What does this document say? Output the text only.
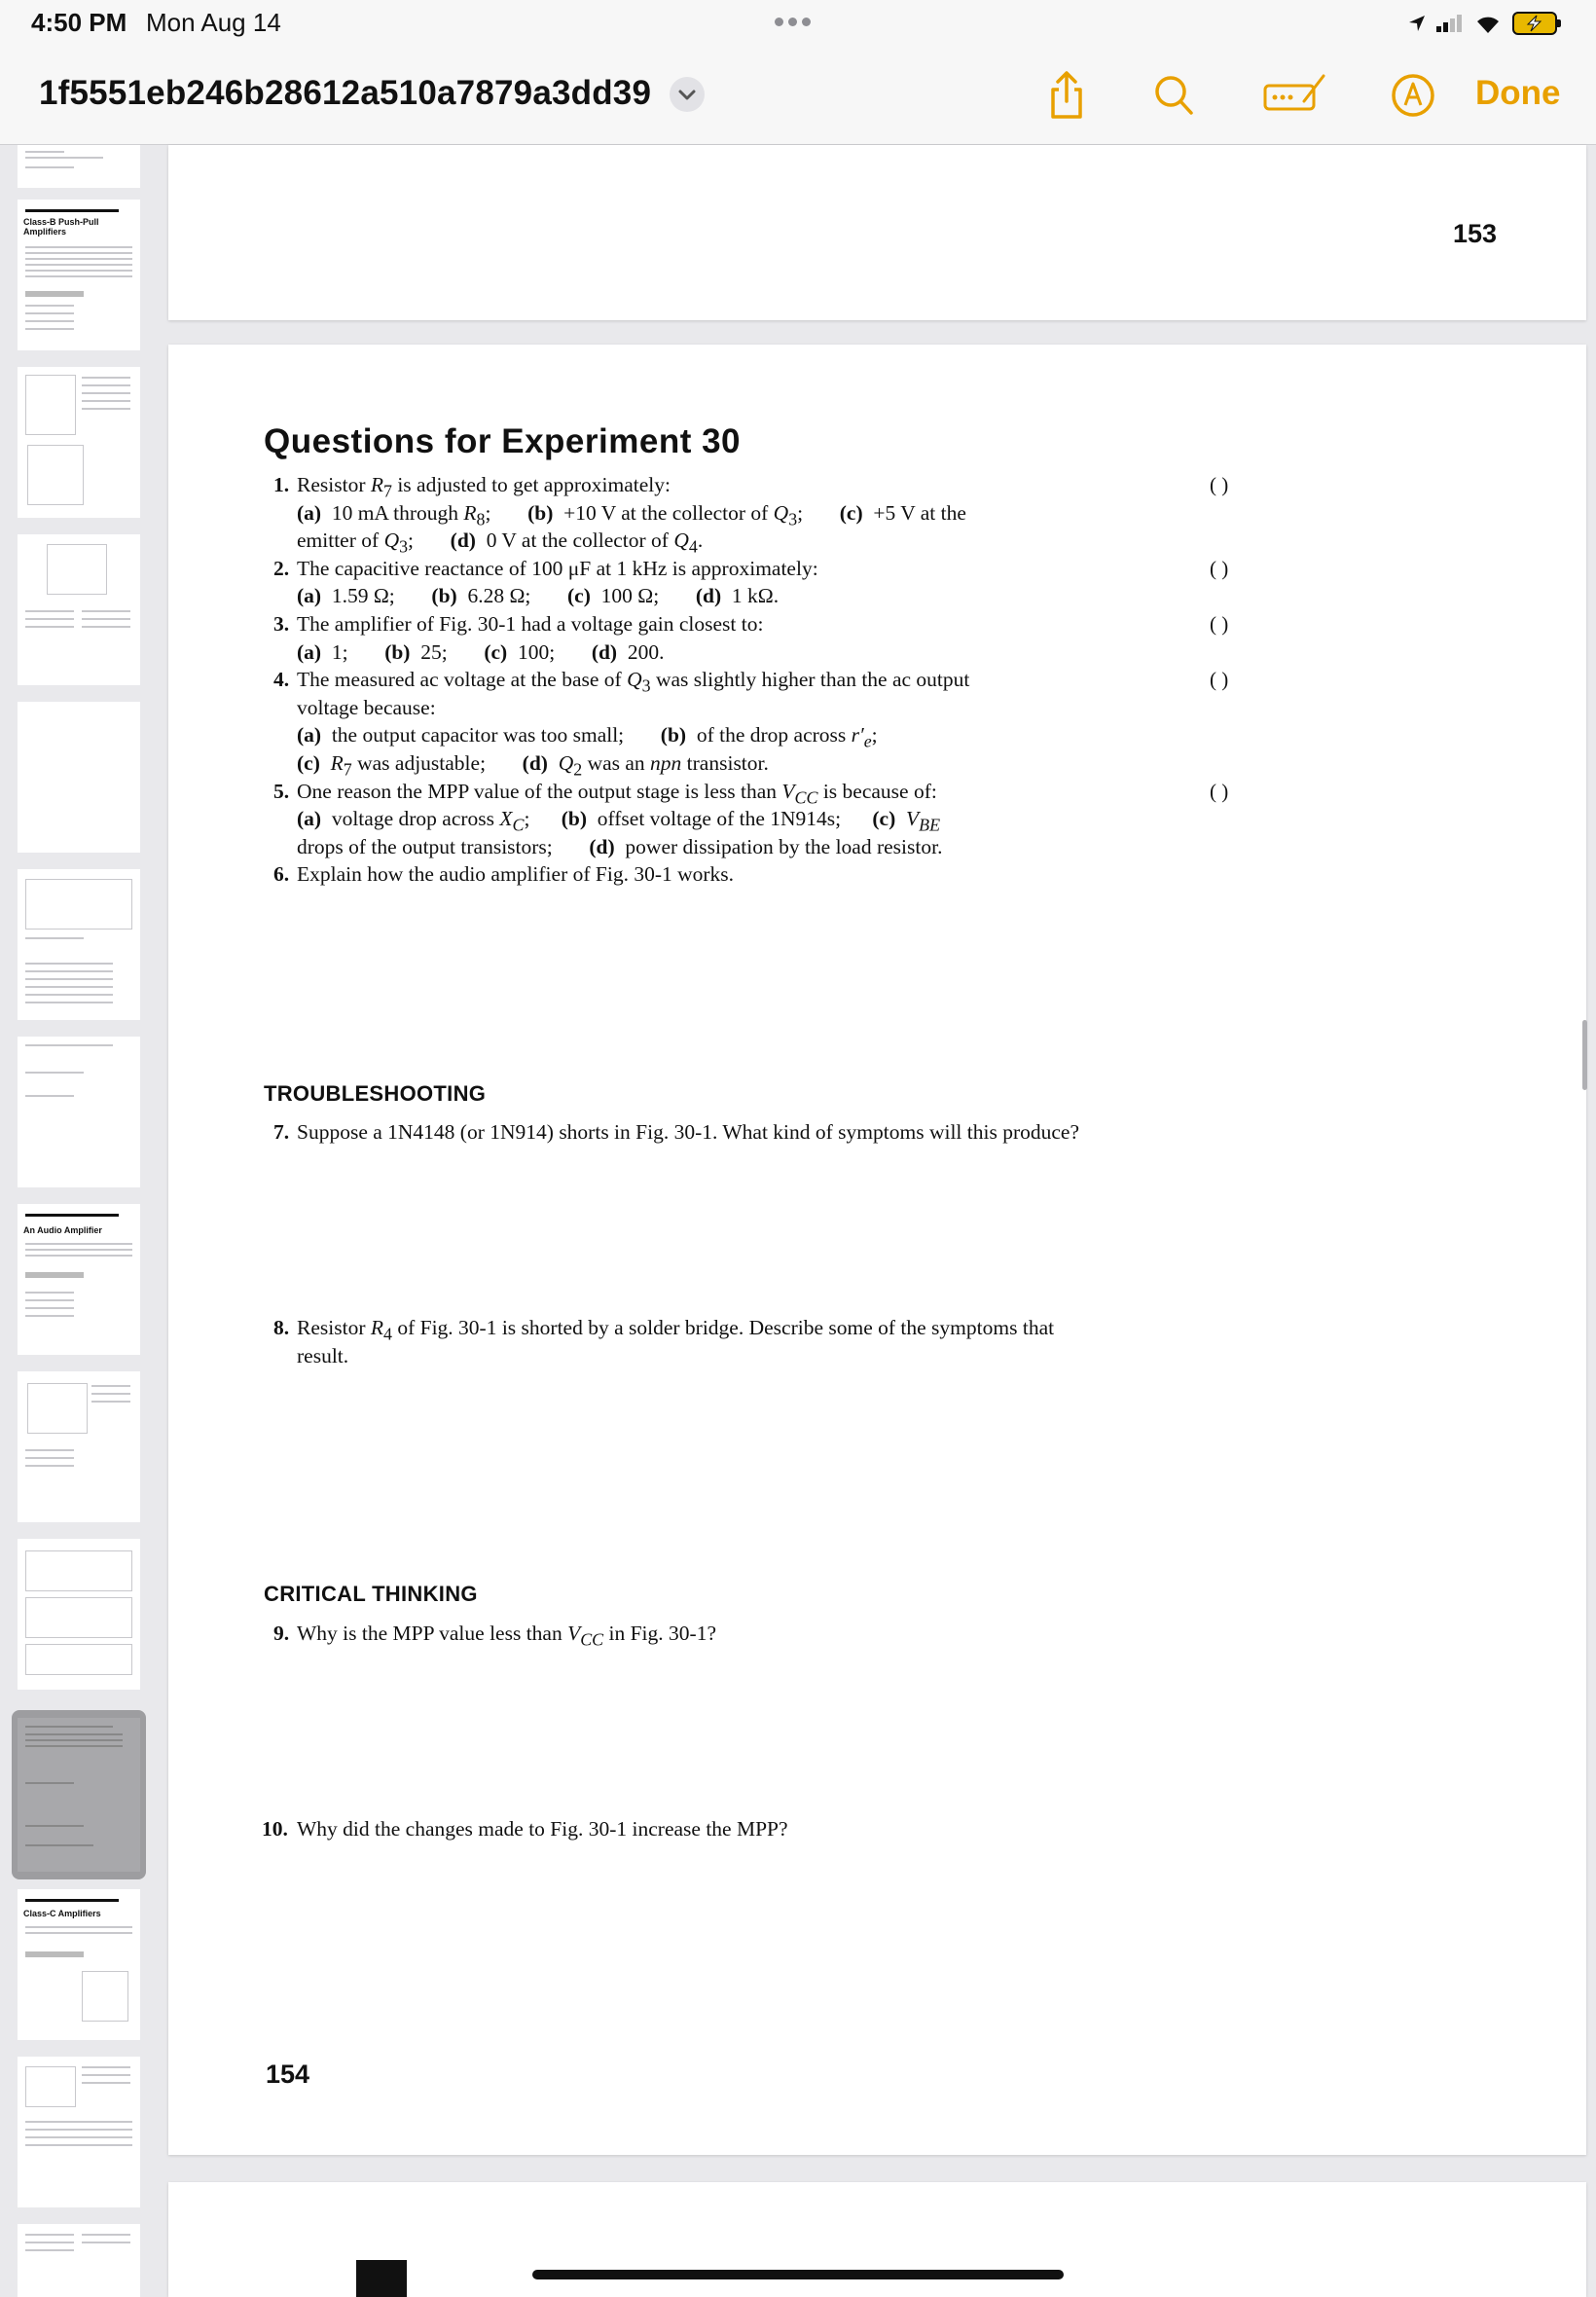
4:50 PM Mon Aug 14
1f5551eb246b28612a510a7879a3dd39	Done
Class-B Push-Pull Amplifiers
An Audio Amplifier
Class-C Amplifiers
153
Questions for Experiment 30
1. Resistor $R_7$ is adjusted to get approximately:
(a)  10 mA through $R_8$;       (b)  +10 V at the collector of $Q_3$;       (c)  +5 V at the
emitter of $Q_3$;       (d)  0 V at the collector of $Q_4$.
( )
2. The capacitive reactance of 100 μF at 1 kHz is approximately:
(a)  1.59 Ω;       (b)  6.28 Ω;       (c)  100 Ω;       (d)  1 kΩ.
( )
3. The amplifier of Fig. 30-1 had a voltage gain closest to:
(a)  1;       (b)  25;       (c)  100;       (d)  200.
( )
4. The measured ac voltage at the base of $Q_3$ was slightly higher than the ac output
voltage because:
(a)  the output capacitor was too small;       (b)  of the drop across $r'_e$;
(c) $R_7$ was adjustable;       (d) $Q_2$ was an npn transistor.
( )
5. One reason the MPP value of the output stage is less than $V_{CC}$ is because of:
(a)  voltage drop across $X_C$;      (b)  offset voltage of the 1N914s;      (c) $V_{BE}$
drops of the output transistors;       (d)  power dissipation by the load resistor.
( )
6. Explain how the audio amplifier of Fig. 30-1 works.
TROUBLESHOOTING
7. Suppose a 1N4148 (or 1N914) shorts in Fig. 30-1. What kind of symptoms will this produce?
8. Resistor $R_4$ of Fig. 30-1 is shorted by a solder bridge. Describe some of the symptoms that
result.
CRITICAL THINKING
9. Why is the MPP value less than $V_{CC}$ in Fig. 30-1?
10. Why did the changes made to Fig. 30-1 increase the MPP?
154
